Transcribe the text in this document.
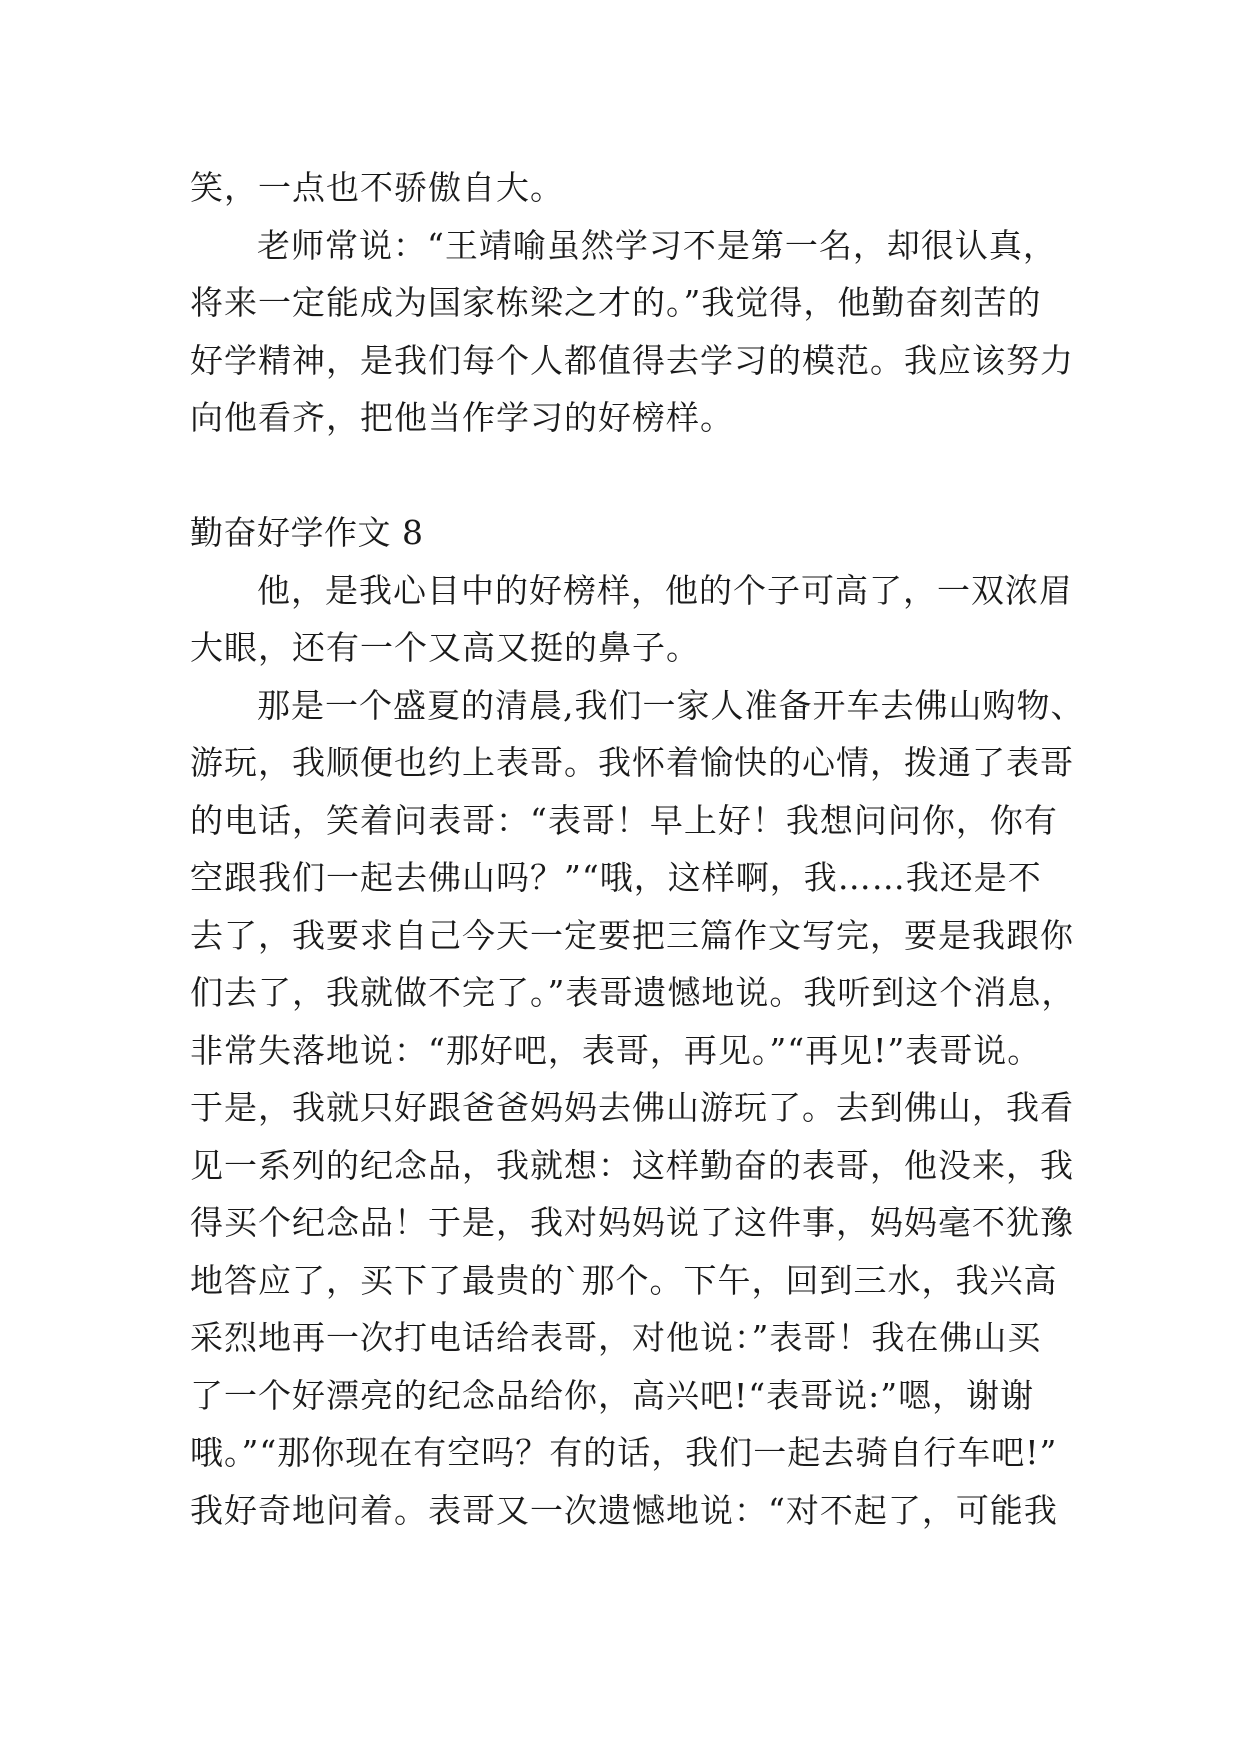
笑，一点也不骄傲自大。
老师常说：“王靖喻虽然学习不是第一名，却很认真，
将来一定能成为国家栋梁之才的。”我觉得，他勤奋刻苦的
好学精神，是我们每个人都值得去学习的模范。我应该努力
向他看齐，把他当作学习的好榜样。
勤奋好学作文 8
他，是我心目中的好榜样，他的个子可高了，一双浓眉
大眼，还有一个又高又挺的鼻子。
那是一个盛夏的清晨,我们一家人准备开车去佛山购物、
游玩，我顺便也约上表哥。我怀着愉快的心情，拨通了表哥
的电话，笑着问表哥：“表哥！早上好！我想问问你，你有
空跟我们一起去佛山吗？”“哦，这样啊，我……我还是不
去了，我要求自己今天一定要把三篇作文写完，要是我跟你
们去了，我就做不完了。”表哥遗憾地说。我听到这个消息，
非常失落地说：“那好吧，表哥，再见。”“再见!”表哥说。
于是，我就只好跟爸爸妈妈去佛山游玩了。去到佛山，我看
见一系列的纪念品，我就想：这样勤奋的表哥，他没来，我
得买个纪念品！于是，我对妈妈说了这件事，妈妈毫不犹豫
地答应了，买下了最贵的`那个。下午，回到三水，我兴高
采烈地再一次打电话给表哥，对他说：”表哥！我在佛山买
了一个好漂亮的纪念品给你，高兴吧!“表哥说:”嗯，谢谢
哦。”“那你现在有空吗？有的话，我们一起去骑自行车吧!”
我好奇地问着。表哥又一次遗憾地说：“对不起了，可能我
